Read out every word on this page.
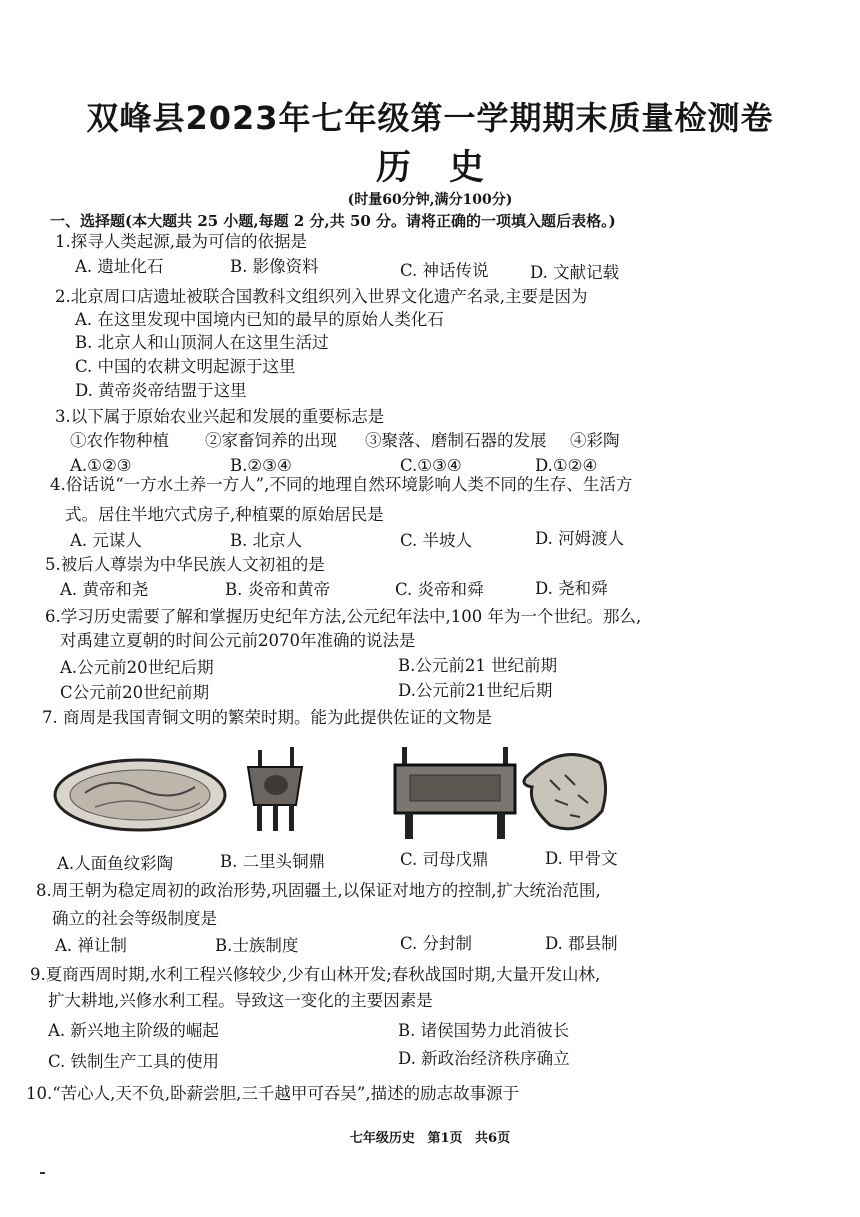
双峰县2023年七年级第一学期期末质量检测卷
历史
(时量60分钟,满分100分)
一、选择题(本大题共 25 小题,每题 2 分,共 50 分。请将正确的一项填入题后表格。)
1.探寻人类起源,最为可信的依据是
A. 遗址化石	B. 影像资料	C. 神话传说	D. 文献记载
2.北京周口店遗址被联合国教科文组织列入世界文化遗产名录,主要是因为
A. 在这里发现中国境内已知的最早的原始人类化石
B. 北京人和山顶洞人在这里生活过
C. 中国的农耕文明起源于这里
D. 黄帝炎帝结盟于这里
3.以下属于原始农业兴起和发展的重要标志是
①农作物种植 ②家畜饲养的出现 ③聚落、磨制石器的发展 ④彩陶
A.①②③	B.②③④	C.①③④	D.①②④
4.俗话说“一方水土养一方人”,不同的地理自然环境影响人类不同的生存、生活方
式。居住半地穴式房子,种植粟的原始居民是
A. 元谋人	B. 北京人	C. 半坡人	D. 河姆渡人
5.被后人尊崇为中华民族人文初祖的是
A. 黄帝和尧	B. 炎帝和黄帝	C. 炎帝和舜	D. 尧和舜
6.学习历史需要了解和掌握历史纪年方法,公元纪年法中,100 年为一个世纪。那么,
对禹建立夏朝的时间公元前2070年准确的说法是
A.公元前20世纪后期	B.公元前21 世纪前期
C公元前20世纪前期	D.公元前21世纪后期
7. 商周是我国青铜文明的繁荣时期。能为此提供佐证的文物是
A.人面鱼纹彩陶	B. 二里头铜鼎	C. 司母戊鼎	D. 甲骨文
8.周王朝为稳定周初的政治形势,巩固疆土,以保证对地方的控制,扩大统治范围,
确立的社会等级制度是
A. 禅让制	B.士族制度	C. 分封制	D. 郡县制
9.夏商西周时期,水利工程兴修较少,少有山林开发;春秋战国时期,大量开发山林,
扩大耕地,兴修水利工程。导致这一变化的主要因素是
A. 新兴地主阶级的崛起	B. 诸侯国势力此消彼长
C. 铁制生产工具的使用	D. 新政治经济秩序确立
10.“苦心人,天不负,卧薪尝胆,三千越甲可吞吴”,描述的励志故事源于
七年级历史 第1页 共6页
